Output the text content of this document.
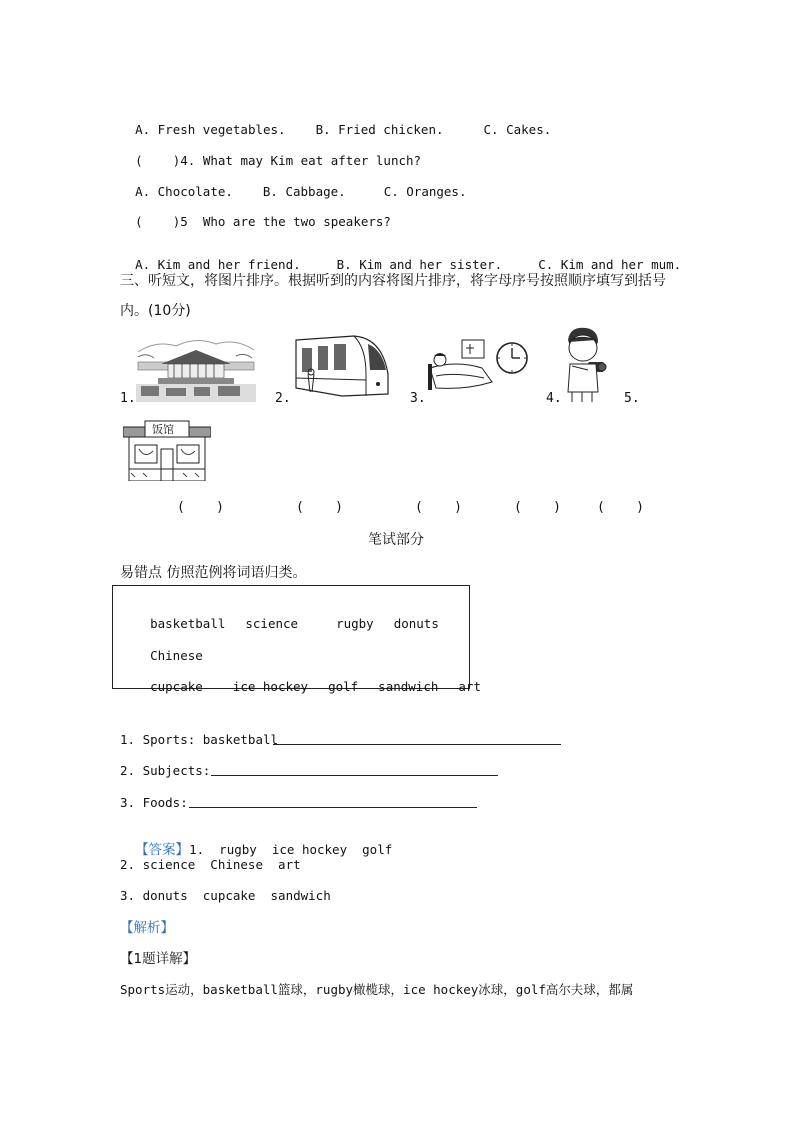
A. Fresh vegetables. B. Fried chicken.	C. Cakes.

(    )4. What may Kim eat after lunch?

A. Chocolate. B. Cabbage.	C. Oranges.

(    )5 Who are the two speakers?

A. Kim and her friend.	B. Kim and her sister.	C. Kim and her mum.

三、听短文，将图片排序。根据听到的内容将图片排序，将字母序号按照顺序填写到括号
内。(10分)
1.	2.	3.	4.	5.
饭馆
(    )	(    )	(    )	(    )	(    )
笔试部分
易错点 仿照范例将词语归类。

basketball science	rugby donuts

Chinese

cupcake ice hockey golf sandwich art

1. Sports: basketball
2. Subjects:
3. Foods:

【答案】1.  rugby  ice hockey  golf

2. science  Chinese  art
3. donuts  cupcake  sandwich
【解析】
【1题详解】
Sports运动，basketball篮球，rugby橄榄球，ice hockey冰球，golf高尔夫球，都属
